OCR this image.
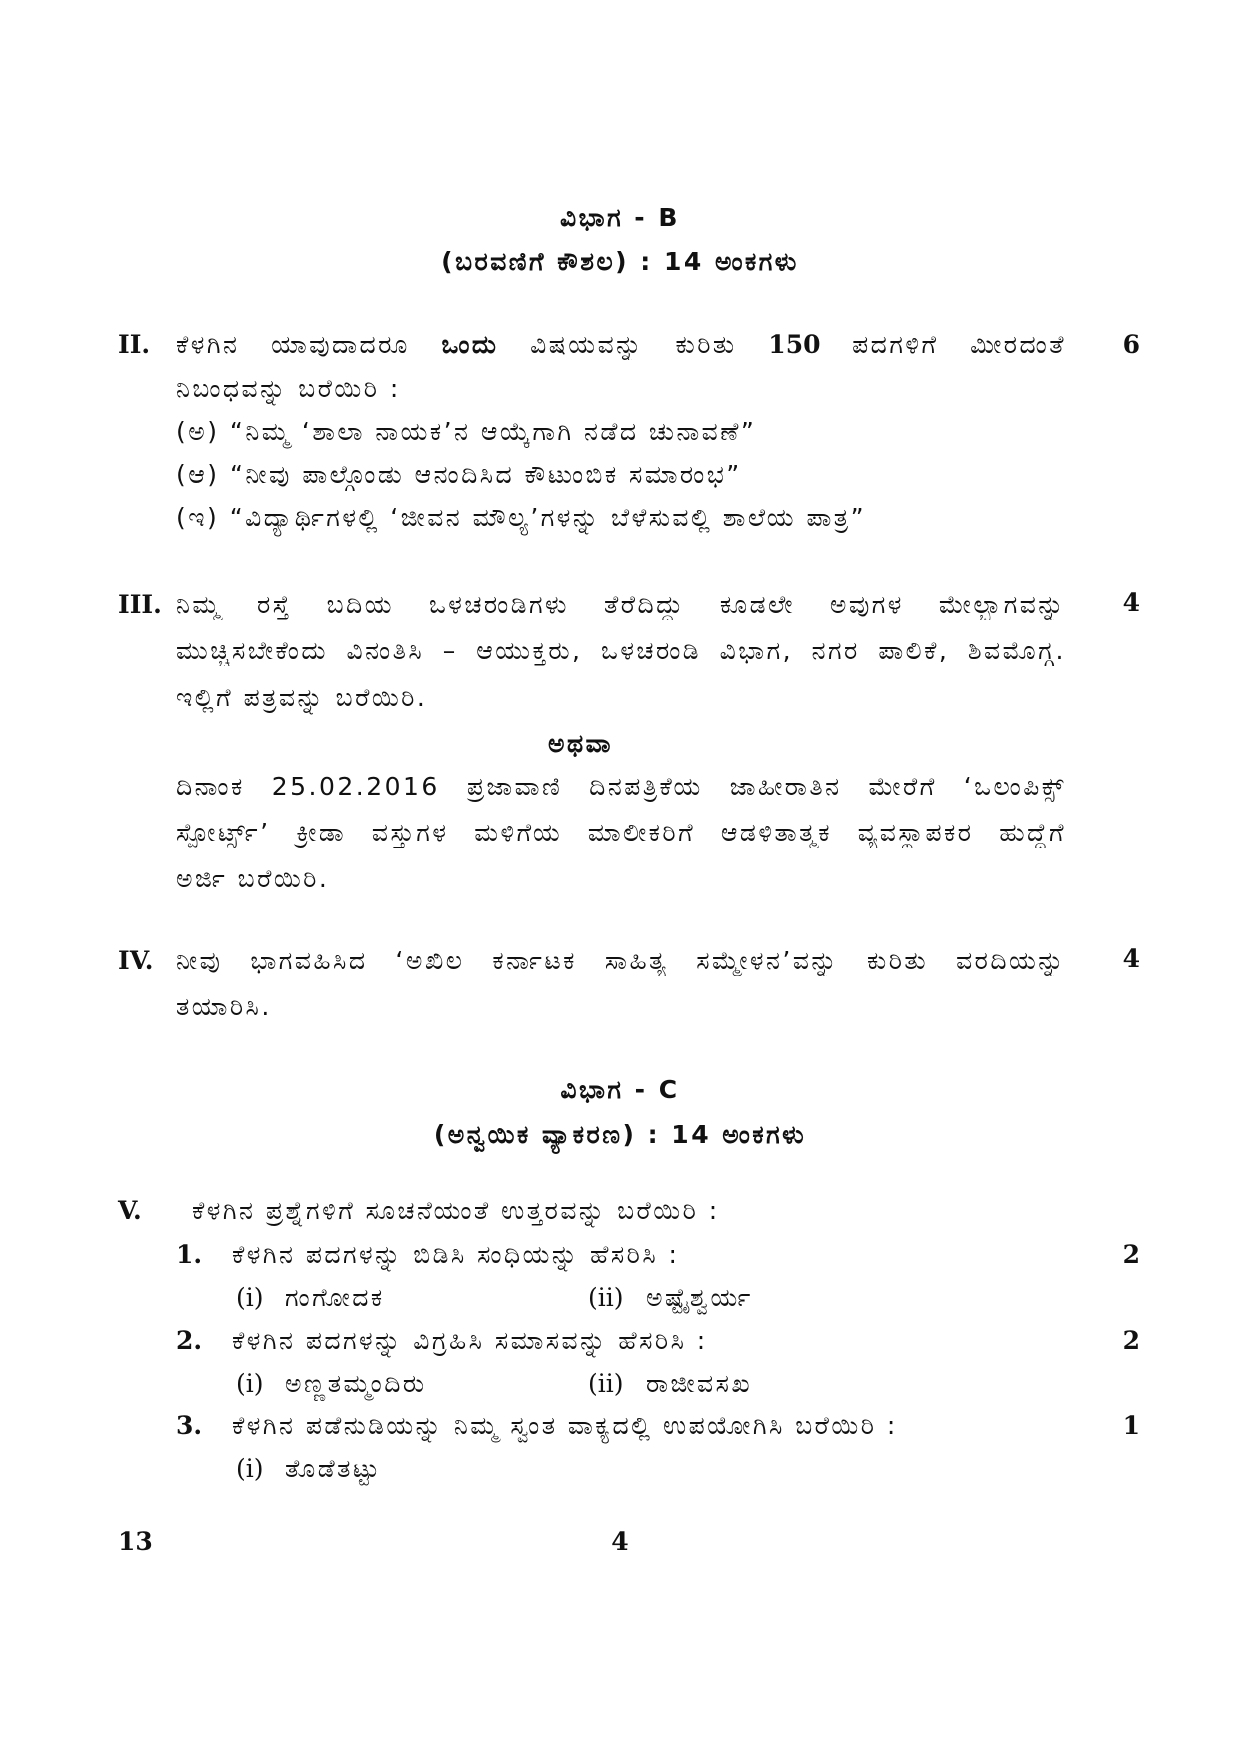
ವಿಭಾಗ - B
(ಬರವಣಿಗೆ ಕೌಶಲ) : 14 ಅಂಕಗಳು
II. ಕೆಳಗಿನ ಯಾವುದಾದರೂ ಒಂದು ವಿಷಯವನ್ನು ಕುರಿತು 150 ಪದಗಳಿಗೆ ಮೀರದಂತೆ	6
ನಿಬಂಧವನ್ನು ಬರೆಯಿರಿ :
(ಅ) “ನಿಮ್ಮ ‘ಶಾಲಾ ನಾಯಕ’ನ ಆಯ್ಕೆಗಾಗಿ ನಡೆದ ಚುನಾವಣೆ”
(ಆ) “ನೀವು ಪಾಲ್ಗೊಂಡು ಆನಂದಿಸಿದ ಕೌಟುಂಬಿಕ ಸಮಾರಂಭ”
(ಇ) “ವಿದ್ಯಾರ್ಥಿಗಳಲ್ಲಿ ‘ಜೀವನ ಮೌಲ್ಯ’ಗಳನ್ನು ಬೆಳೆಸುವಲ್ಲಿ ಶಾಲೆಯ ಪಾತ್ರ”
III. ನಿಮ್ಮ ರಸ್ತೆ ಬದಿಯ ಒಳಚರಂಡಿಗಳು ತೆರೆದಿದ್ದು ಕೂಡಲೇ ಅವುಗಳ ಮೇಲ್ಭಾಗವನ್ನು	4
ಮುಚ್ಚಿಸಬೇಕೆಂದು ವಿನಂತಿಸಿ – ಆಯುಕ್ತರು, ಒಳಚರಂಡಿ ವಿಭಾಗ, ನಗರ ಪಾಲಿಕೆ, ಶಿವಮೊಗ್ಗ.
ಇಲ್ಲಿಗೆ ಪತ್ರವನ್ನು ಬರೆಯಿರಿ.
ಅಥವಾ
ದಿನಾಂಕ 25.02.2016 ಪ್ರಜಾವಾಣಿ ದಿನಪತ್ರಿಕೆಯ ಜಾಹೀರಾತಿನ ಮೇರೆಗೆ ‘ಒಲಂಪಿಕ್ಸ್
ಸ್ಪೋರ್ಟ್ಸ್’ ಕ್ರೀಡಾ ವಸ್ತುಗಳ ಮಳಿಗೆಯ ಮಾಲೀಕರಿಗೆ ಆಡಳಿತಾತ್ಮಕ ವ್ಯವಸ್ಥಾಪಕರ ಹುದ್ದೆಗೆ
ಅರ್ಜಿ ಬರೆಯಿರಿ.
IV. ನೀವು ಭಾಗವಹಿಸಿದ ‘ಅಖಿಲ ಕರ್ನಾಟಕ ಸಾಹಿತ್ಯ ಸಮ್ಮೇಳನ’ವನ್ನು ಕುರಿತು ವರದಿಯನ್ನು	4
ತಯಾರಿಸಿ.
ವಿಭಾಗ - C
(ಅನ್ವಯಿಕ ವ್ಯಾಕರಣ) : 14 ಅಂಕಗಳು
V. ಕೆಳಗಿನ ಪ್ರಶ್ನೆಗಳಿಗೆ ಸೂಚನೆಯಂತೆ ಉತ್ತರವನ್ನು ಬರೆಯಿರಿ :
1. ಕೆಳಗಿನ ಪದಗಳನ್ನು ಬಿಡಿಸಿ ಸಂಧಿಯನ್ನು ಹೆಸರಿಸಿ :	2
(i) ಗಂಗೋದಕ	(ii) ಅಷ್ಟೈಶ್ವರ್ಯ
2. ಕೆಳಗಿನ ಪದಗಳನ್ನು ವಿಗ್ರಹಿಸಿ ಸಮಾಸವನ್ನು ಹೆಸರಿಸಿ :	2
(i) ಅಣ್ಣತಮ್ಮಂದಿರು	(ii) ರಾಜೀವಸಖ
3. ಕೆಳಗಿನ ಪಡೆನುಡಿಯನ್ನು ನಿಮ್ಮ ಸ್ವಂತ ವಾಕ್ಯದಲ್ಲಿ ಉಪಯೋಗಿಸಿ ಬರೆಯಿರಿ :	1
(i) ತೊಡೆತಟ್ಟು
13	4
